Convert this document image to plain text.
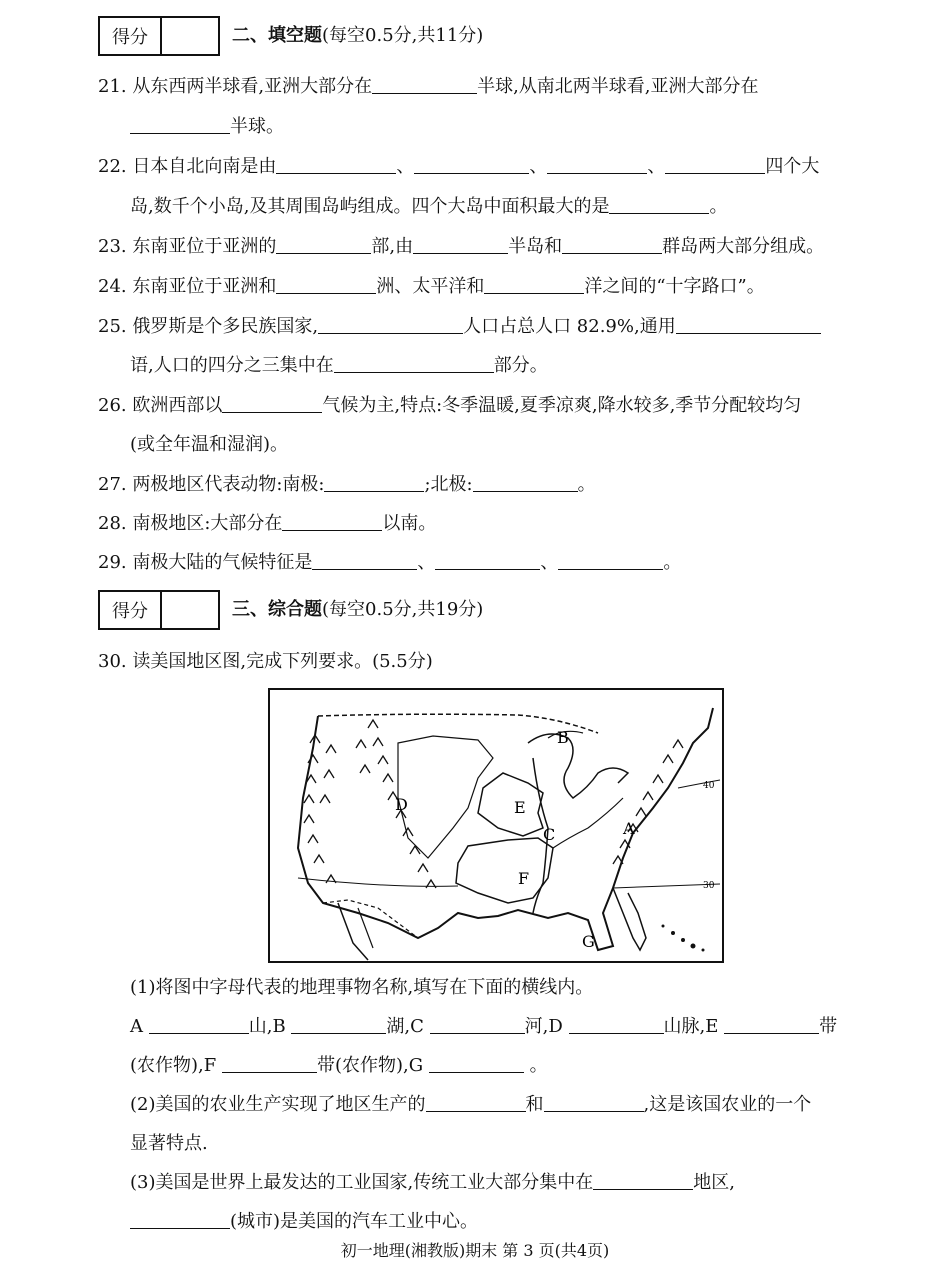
得分	二、填空题(每空0.5分,共11分)
21. 从东西两半球看,亚洲大部分在	半球,从南北两半球看,亚洲大部分在
半球。
22. 日本自北向南是由	、	、	、	四个大
岛,数千个小岛,及其周围岛屿组成。四个大岛中面积最大的是	。
23. 东南亚位于亚洲的	部,由	半岛和	群岛两大部分组成。
24. 东南亚位于亚洲和	洲、太平洋和	洋之间的“十字路口”。
25. 俄罗斯是个多民族国家,	人口占总人口 82.9%,通用
语,人口的四分之三集中在	部分。
26. 欧洲西部以	气候为主,特点:冬季温暖,夏季凉爽,降水较多,季节分配较均匀
(或全年温和湿润)。
27. 两极地区代表动物:南极:	;北极:	。
28. 南极地区:大部分在	以南。
29. 南极大陆的气候特征是	、	、	。
得分	三、综合题(每空0.5分,共19分)
30. 读美国地区图,完成下列要求。(5.5分)
B
A
C
D	E
F
G
40
30
(1)将图中字母代表的地理事物名称,填写在下面的横线内。
A	山,B	湖,C	河,D	山脉,E	带
(农作物),F	带(农作物),G	。
(2)美国的农业生产实现了地区生产的	和	,这是该国农业的一个
显著特点.
(3)美国是世界上最发达的工业国家,传统工业大部分集中在	地区,
(城市)是美国的汽车工业中心。
初一地理(湘教版)期末 第 3 页(共4页)
